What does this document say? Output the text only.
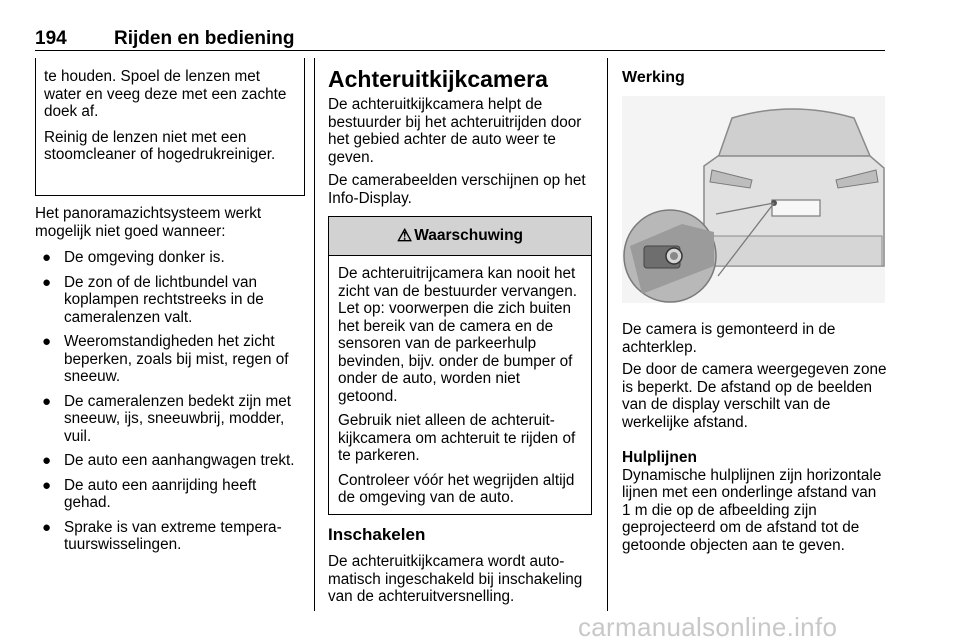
194 Rijden en bediening

te houden. Spoel de lenzen met water en veeg deze met een zachte doek af.

Reinig de lenzen niet met een stoomcleaner of hogedrukreiniger.

Het panoramazichtsysteem werkt mogelijk niet goed wanneer:

● De omgeving donker is.
● De zon of de lichtbundel van koplampen rechtstreeks in de cameralenzen valt.
● Weeromstandigheden het zicht beperken, zoals bij mist, regen of sneeuw.
● De cameralenzen bedekt zijn met sneeuw, ijs, sneeuwbrij, modder, vuil.
● De auto een aanhangwagen trekt.
● De auto een aanrijding heeft gehad.
● Sprake is van extreme temperatuurswisselingen.
Achteruitkijkcamera

De achteruitkijkcamera helpt de bestuurder bij het achteruitrijden door het gebied achter de auto weer te geven.

De camerabeelden verschijnen op het Info-Display.

⚠ Waarschuwing

De achteruitrijcamera kan nooit het zicht van de bestuurder vervangen. Let op: voorwerpen die zich buiten het bereik van de camera en de sensoren van de parkeerhulp bevinden, bijv. onder de bumper of onder de auto, worden niet getoond.

Gebruik niet alleen de achteruitkijkcamera om achteruit te rijden of te parkeren.

Controleer vóór het wegrijden altijd de omgeving van de auto.

Inschakelen

De achteruitkijkcamera wordt automatisch ingeschakeld bij inschakeling van de achteruitversnelling.

Werking

De camera is gemonteerd in de achterklep.

De door de camera weergegeven zone is beperkt. De afstand op de beelden van de display verschilt van de werkelijke afstand.

Hulplijnen

Dynamische hulplijnen zijn horizontale lijnen met een onderlinge afstand van 1 m die op de afbeelding zijn geprojecteerd om de afstand tot de getoonde objecten aan te geven.

carmanualsonline.info
